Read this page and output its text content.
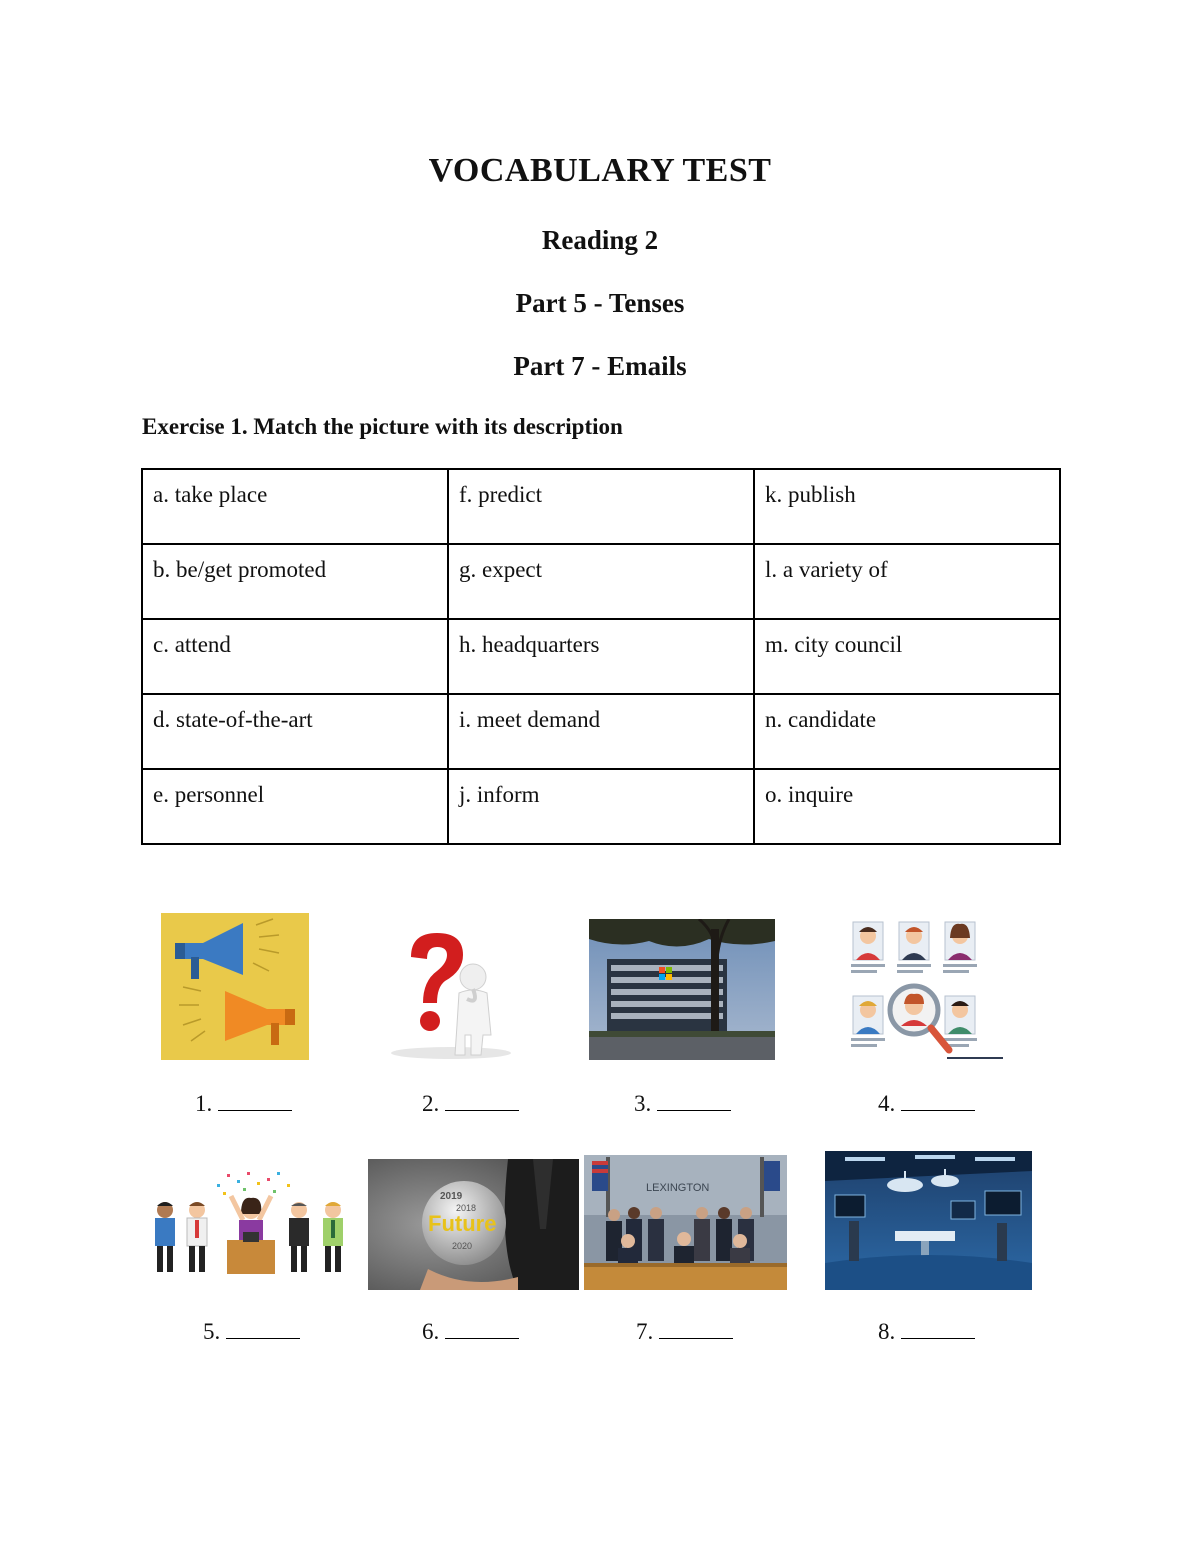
VOCABULARY TEST
Reading 2
Part 5 - Tenses
Part 7 - Emails
Exercise 1. Match the picture with its description
a. take place	f. predict	k. publish
b. be/get promoted	g. expect	l. a variety of
c. attend	h. headquarters	m. city council
d. state-of-the-art	i. meet demand	n. candidate
e. personnel	j. inform	o. inquire
2019
2018
Future
2020
LEXINGTON
1.	2.	3.	4.
5.	6.	7.	8.
